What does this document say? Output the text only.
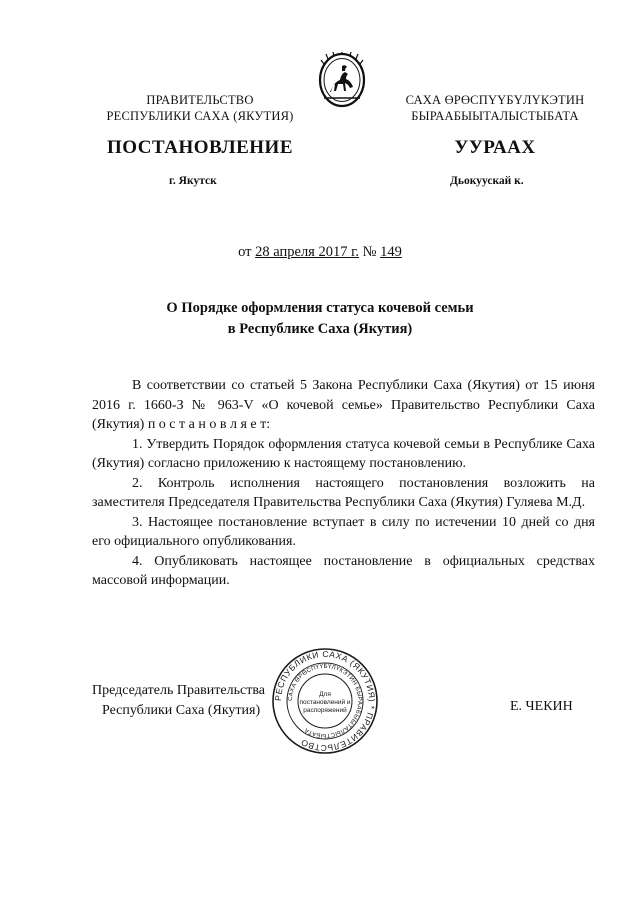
ПРАВИТЕЛЬСТВО
РЕСПУБЛИКИ САХА (ЯКУТИЯ)
САХА ӨРӨСПҮҮБҮЛҮКЭТИН
БЫРААБЫЫТАЛЫСТЫБАТА
ПОСТАНОВЛЕНИЕ	УУРААХ
г. Якутск	Дьокуускай к.
от 28 апреля 2017 г. № 149
О Порядке оформления статуса кочевой семьи
в Республике Саха (Якутия)
В соответствии со статьей 5 Закона Республики Саха (Якутия) от 15 июня 2016 г. 1660-З № 963-V «О кочевой семье» Правительство Республики Саха (Якутия) п о с т а н о в л я е т:
1. Утвердить Порядок оформления статуса кочевой семьи в Республике Саха (Якутия) согласно приложению к настоящему постановлению.
2. Контроль исполнения настоящего постановления возложить на заместителя Председателя Правительства Республики Саха (Якутия) Гуляева М.Д.
3. Настоящее постановление вступает в силу по истечении 10 дней со дня его официального опубликования.
4. Опубликовать настоящее постановление в официальных средствах массовой информации.
Председатель Правительства
Республики Саха (Якутия)	Е. ЧЕКИН
РЕСПУБЛИКИ САХА (ЯКУТИЯ) * ПРАВИТЕЛЬСТВО
САХА ӨРӨСПҮҮБҮЛҮКЭТИН БЫРААБЫЫТАЛЫСТЫБАТА
Для
постановлений и
распоряжений
